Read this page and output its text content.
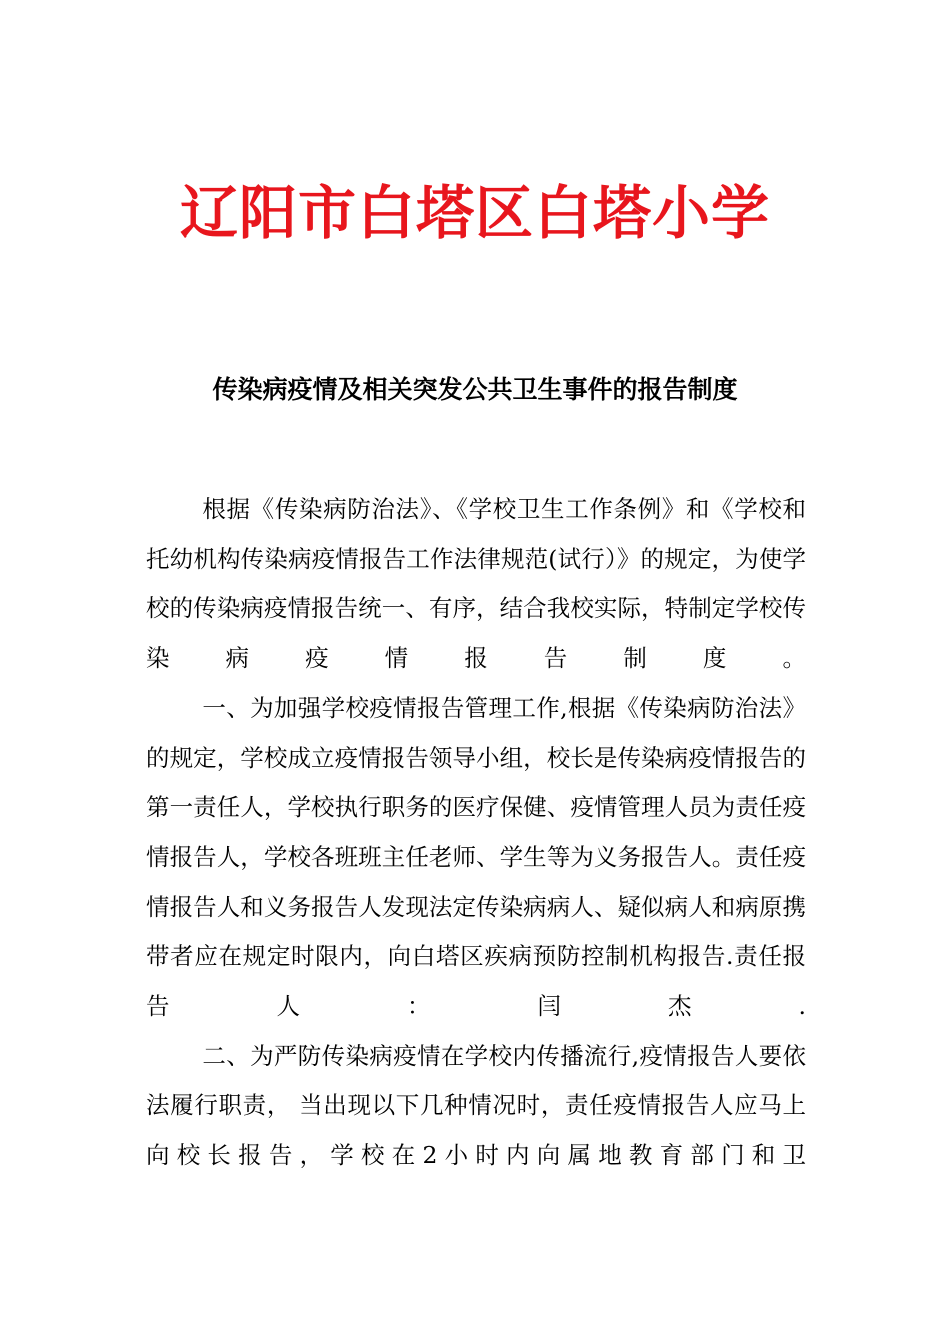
辽阳市白塔区白塔小学
传染病疫情及相关突发公共卫生事件的报告制度

根据《传染病防治法》、《学校卫生工作条例》和《学校和托幼机构传染病疫情报告工作法律规范(试行）》的规定，为使学校的传染病疫情报告统一、有序，结合我校实际，特制定学校传染病疫情报告制度。

一、为加强学校疫情报告管理工作,根据《传染病防治法》的规定，学校成立疫情报告领导小组，校长是传染病疫情报告的第一责任人，学校执行职务的医疗保健、疫情管理人员为责任疫情报告人，学校各班班主任老师、学生等为义务报告人。责任疫情报告人和义务报告人发现法定传染病病人、疑似病人和病原携带者应在规定时限内，向白塔区疾病预防控制机构报告.责任报告人：闫杰.

二、为严防传染病疫情在学校内传播流行,疫情报告人要依法履行职责， 当出现以下几种情况时，责任疫情报告人应马上向校长报告，学校在2小时内向属地教育部门和卫
